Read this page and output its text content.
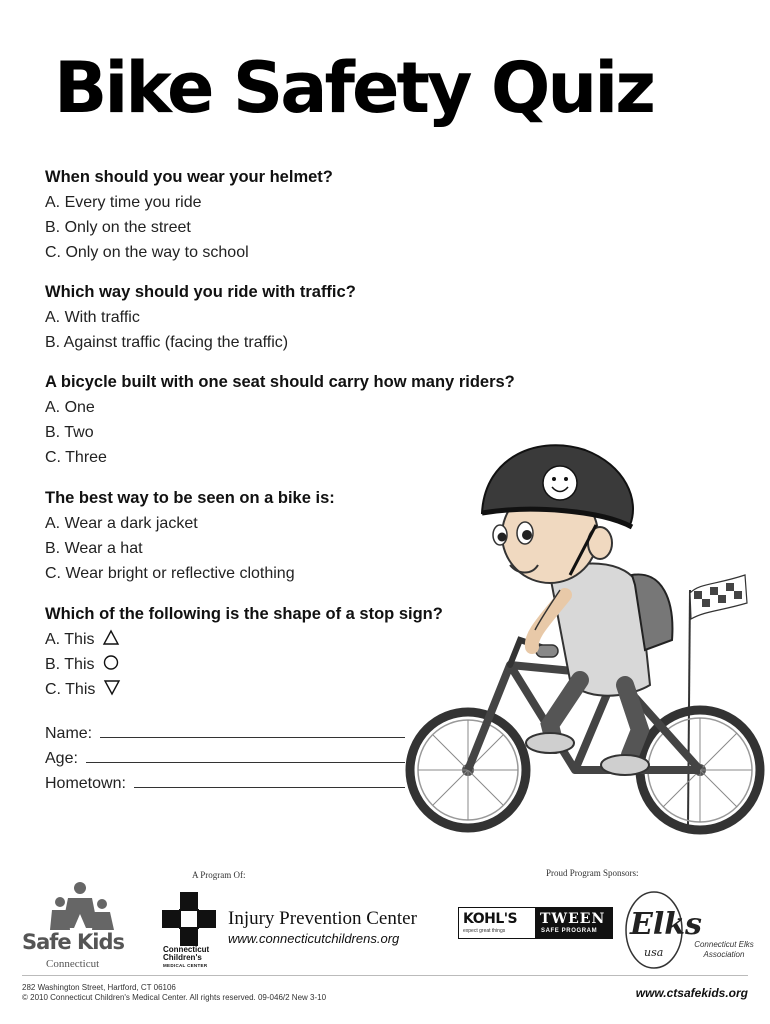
Bike Safety Quiz
When should you wear your helmet?
A. Every time you ride
B. Only on the street
C. Only on the way to school
Which way should you ride with traffic?
A. With traffic
B. Against traffic (facing the traffic)
A bicycle built with one seat should carry how many riders?
A. One
B. Two
C. Three
The best way to be seen on a bike is:
A. Wear a dark jacket
B. Wear a hat
C. Wear bright or reflective clothing
Which of the following is the shape of a stop sign?
A. This
B. This
C. This
Name:
Age:
Hometown:
A Program Of:	Proud Program Sponsors:
Safe Kids
Connecticut
Connecticut
Children's
MEDICAL CENTER
Injury Prevention Center
www.connecticutchildrens.org
KOHL'S
expect great things
TWEEN
SAFE PROGRAM Elks
usa
Connecticut Elks Association
282 Washington Street, Hartford, CT 06106
© 2010 Connecticut Children's Medical Center. All rights reserved. 09-046/2 New 3-10	www.ctsafekids.org
